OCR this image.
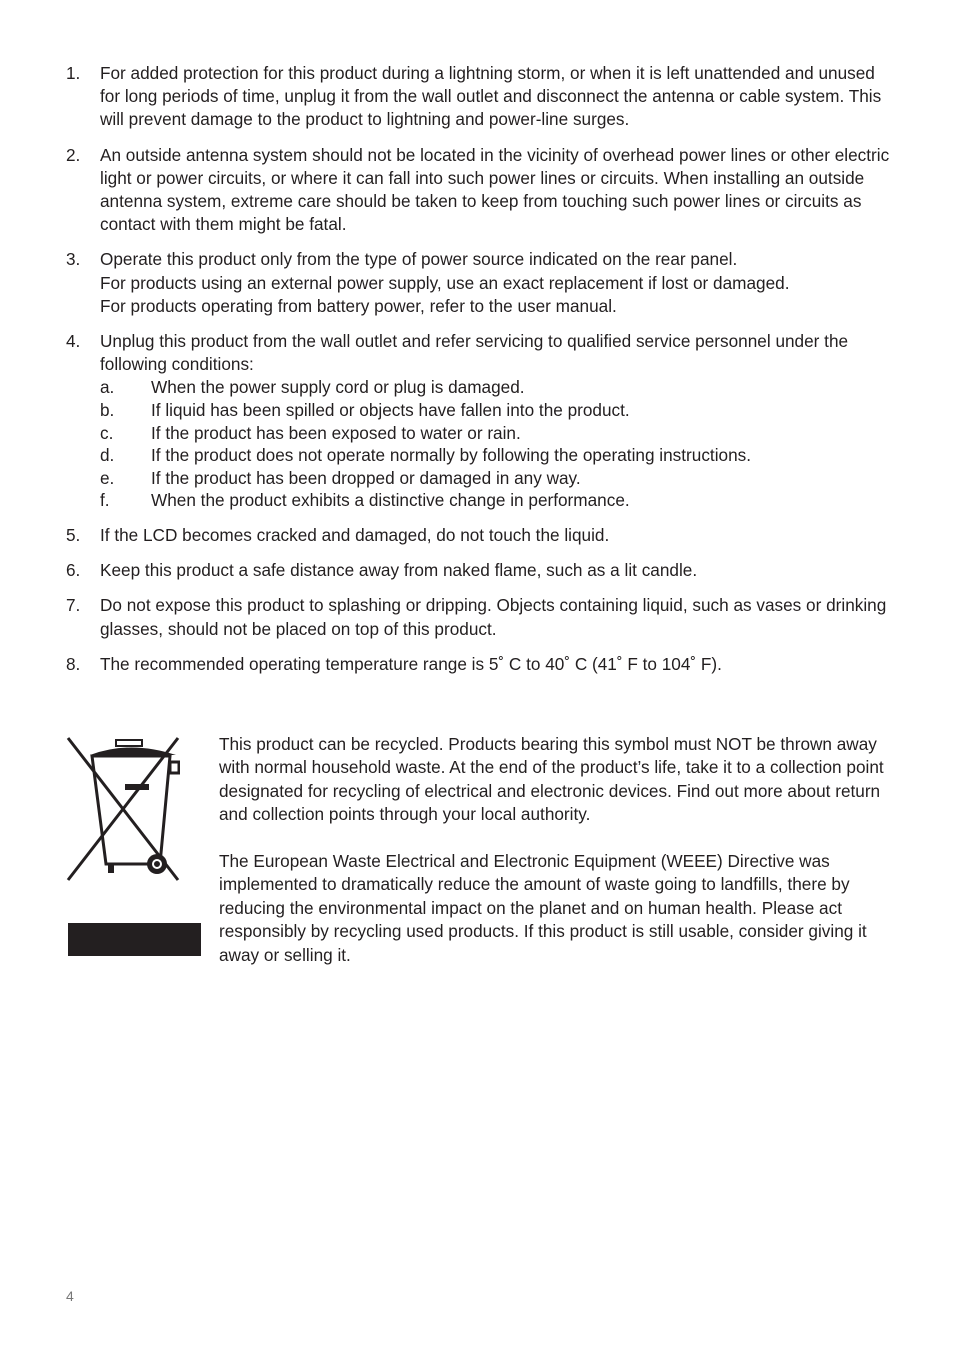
1. For added protection for this product during a lightning storm, or when it is left unattended and unused for long periods of time, unplug it from the wall outlet and disconnect the antenna or cable system. This will prevent damage to the product to lightning and power-line surges.
2. An outside antenna system should not be located in the vicinity of overhead power lines or other electric light or power circuits, or where it can fall into such power lines or circuits. When installing an outside antenna system, extreme care should be taken to keep from touching such power lines or circuits as contact with them might be fatal.
3. Operate this product only from the type of power source indicated on the rear panel.
For products using an external power supply, use an exact replacement if lost or damaged.
For products operating from battery power, refer to the user manual.
4. Unplug this product from the wall outlet and refer servicing to qualified service personnel under the following conditions:
a. When the power supply cord or plug is damaged.
b. If liquid has been spilled or objects have fallen into the product.
c. If the product has been exposed to water or rain.
d. If the product does not operate normally by following the operating instructions.
e. If the product has been dropped or damaged in any way.
f. When the product exhibits a distinctive change in performance.
5. If the LCD becomes cracked and damaged, do not touch the liquid.
6. Keep this product a safe distance away from naked flame, such as a lit candle.
7. Do not expose this product to splashing or dripping. Objects containing liquid, such as vases or drinking glasses, should not be placed on top of this product.
8. The recommended operating temperature range is 5˚ C to 40˚ C (41˚ F to 104˚ F).

This product can be recycled. Products bearing this symbol must NOT be thrown away with normal household waste. At the end of the product’s life, take it to a collection point designated for recycling of electrical and electronic devices. Find out more about return and collection points through your local authority.

The European Waste Electrical and Electronic Equipment (WEEE) Directive was implemented to dramatically reduce the amount of waste going to landfills, there by reducing the environmental impact on the planet and on human health. Please act responsibly by recycling used products. If this product is still usable, consider giving it away or selling it.

4
